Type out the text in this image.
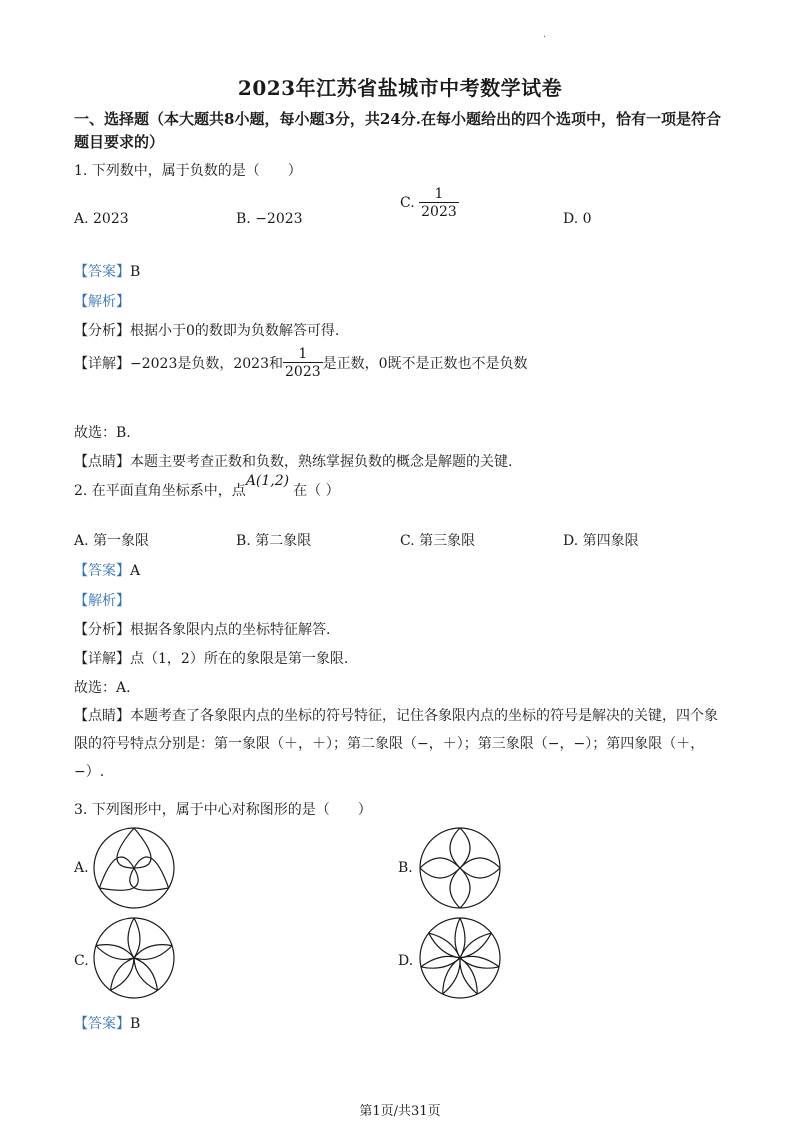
·
2023年江苏省盐城市中考数学试卷
一、选择题（本大题共8小题，每小题3分，共24分.在每小题给出的四个选项中，恰有一项是符合题目要求的）
1. 下列数中，属于负数的是（　　）
A. 2023	B. −2023
C. $\frac{1}{2023}$	D. 0
【答案】B
【解析】
【分析】根据小于0的数即为负数解答可得.
【详解】−2023是负数，2023和 $\frac{1}{2023}$ 是正数，0既不是正数也不是负数
故选：B.
【点睛】本题主要考查正数和负数，熟练掌握负数的概念是解题的关键.
2. 在平面直角坐标系中，点A(1,2)在（ ）
A. 第一象限	B. 第二象限	C. 第三象限	D. 第四象限
【答案】A
【解析】
【分析】根据各象限内点的坐标特征解答.
【详解】点（1，2）所在的象限是第一象限.
故选：A.
【点睛】本题考查了各象限内点的坐标的符号特征，记住各象限内点的坐标的符号是解决的关键，四个象限的符号特点分别是：第一象限（＋，＋）；第二象限（−，＋）；第三象限（−，−）；第四象限（＋，−）.
3. 下列图形中，属于中心对称图形的是（　　）
A.	B.
C.	D.
【答案】B
第1页/共31页
